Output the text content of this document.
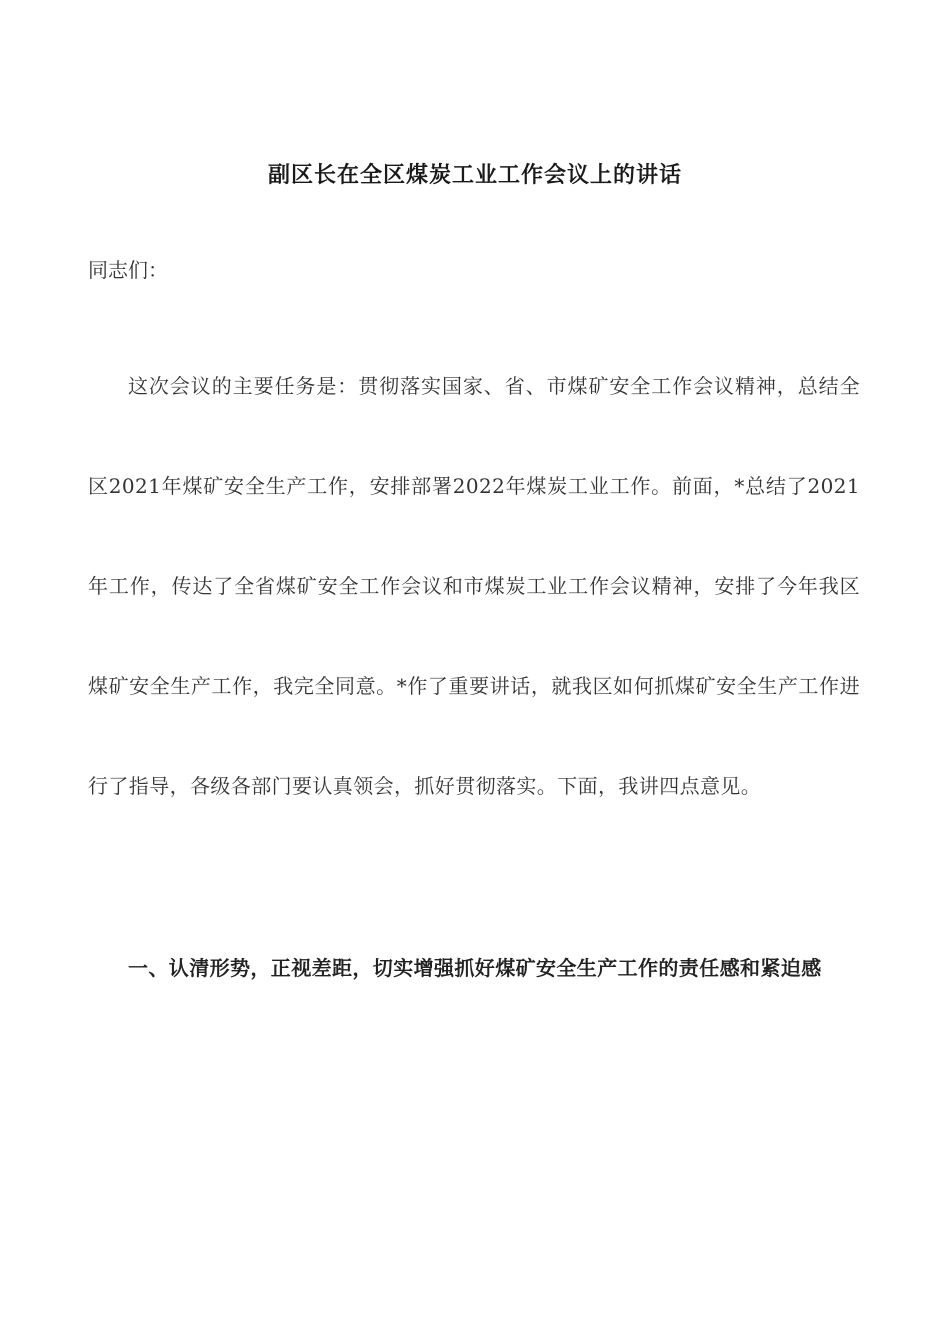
副区长在全区煤炭工业工作会议上的讲话
同志们：

这次会议的主要任务是：贯彻落实国家、省、市煤矿安全工作会议精神，总结全区2021年煤矿安全生产工作，安排部署2022年煤炭工业工作。前面，*总结了2021年工作，传达了全省煤矿安全工作会议和市煤炭工业工作会议精神，安排了今年我区煤矿安全生产工作，我完全同意。*作了重要讲话，就我区如何抓煤矿安全生产工作进行了指导，各级各部门要认真领会，抓好贯彻落实。下面，我讲四点意见。

一、认清形势，正视差距，切实增强抓好煤矿安全生产工作的责任感和紧迫感
